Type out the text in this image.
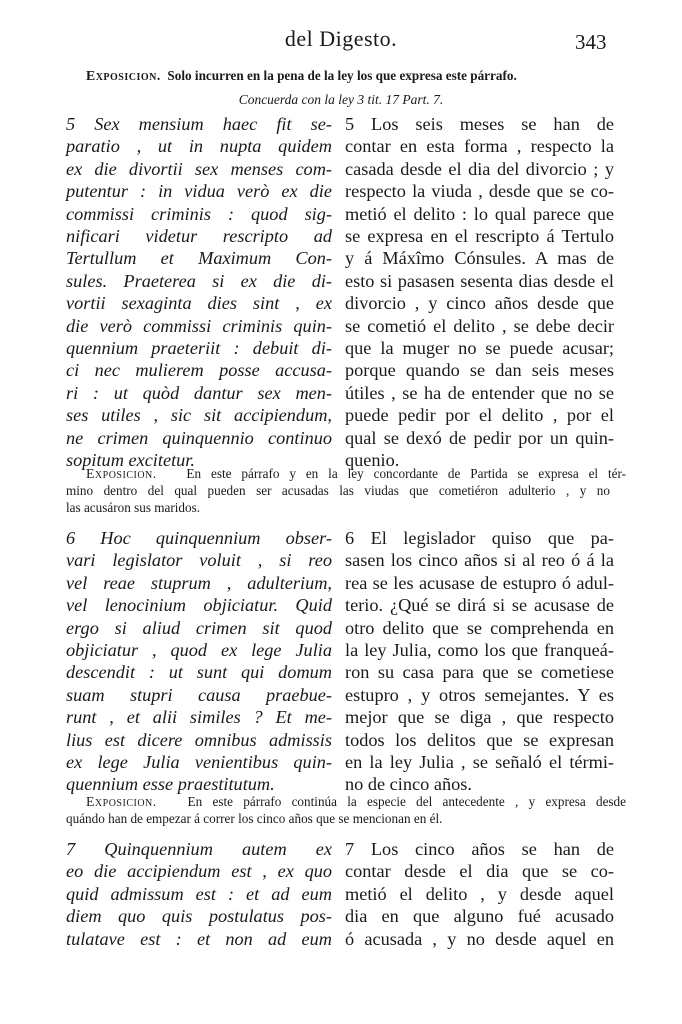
del Digesto.	343
Exposicion. Solo incurren en la pena de la ley los que expresa este párrafo.
Concuerda con la ley 3 tit. 17 Part. 7.
5 Sex mensium haec fit se-
paratio , ut in nupta quidem
ex die divortii sex menses com-
putentur : in vidua verò ex die
commissi criminis : quod sig-
nificari videtur rescripto ad
Tertullum et Maximum Con-
sules. Praeterea si ex die di-
vortii sexaginta dies sint , ex
die verò commissi criminis quin-
quennium praeteriit : debuit di-
ci nec mulierem posse accusa-
ri : ut quòd dantur sex men-
ses utiles , sic sit accipiendum,
ne crimen quinquennio continuo
sopitum excitetur.
5 Los seis meses se han de
contar en esta forma , respecto la
casada desde el dia del divorcio ; y
respecto la viuda , desde que se co-
metió el delito : lo qual parece que
se expresa en el rescripto á Tertulo
y á Máxîmo Cónsules. A mas de
esto si pasasen sesenta dias desde el
divorcio , y cinco años desde que
se cometió el delito , se debe decir
que la muger no se puede acusar;
porque quando se dan seis meses
útiles , se ha de entender que no se
puede pedir por el delito , por el
qual se dexó de pedir por un quin-
quenio.
Exposicion. En este párrafo y en la ley concordante de Partida se expresa el tér-
mino dentro del qual pueden ser acusadas las viudas que cometiéron adulterio , y no
las acusáron sus maridos.
6 Hoc quinquennium obser-
vari legislator voluit , si reo
vel reae stuprum , adulterium,
vel lenocinium objiciatur. Quid
ergo si aliud crimen sit quod
objiciatur , quod ex lege Julia
descendit : ut sunt qui domum
suam stupri causa praebue-
runt , et alii similes ? Et me-
lius est dicere omnibus admissis
ex lege Julia venientibus quin-
quennium esse praestitutum.
6 El legislador quiso que pa-
sasen los cinco años si al reo ó á la
rea se les acusase de estupro ó adul-
terio. ¿Qué se dirá si se acusase de
otro delito que se comprehenda en
la ley Julia, como los que franqueá-
ron su casa para que se cometiese
estupro , y otros semejantes. Y es
mejor que se diga , que respecto
todos los delitos que se expresan
en la ley Julia , se señaló el térmi-
no de cinco años.
Exposicion. En este párrafo continúa la especie del antecedente , y expresa desde
quándo han de empezar á correr los cinco años que se mencionan en él.
7 Quinquennium autem ex
eo die accipiendum est , ex quo
quid admissum est : et ad eum
diem quo quis postulatus pos-
tulatave est : et non ad eum
7 Los cinco años se han de
contar desde el dia que se co-
metió el delito , y desde aquel
dia en que alguno fué acusado
ó acusada , y no desde aquel en
